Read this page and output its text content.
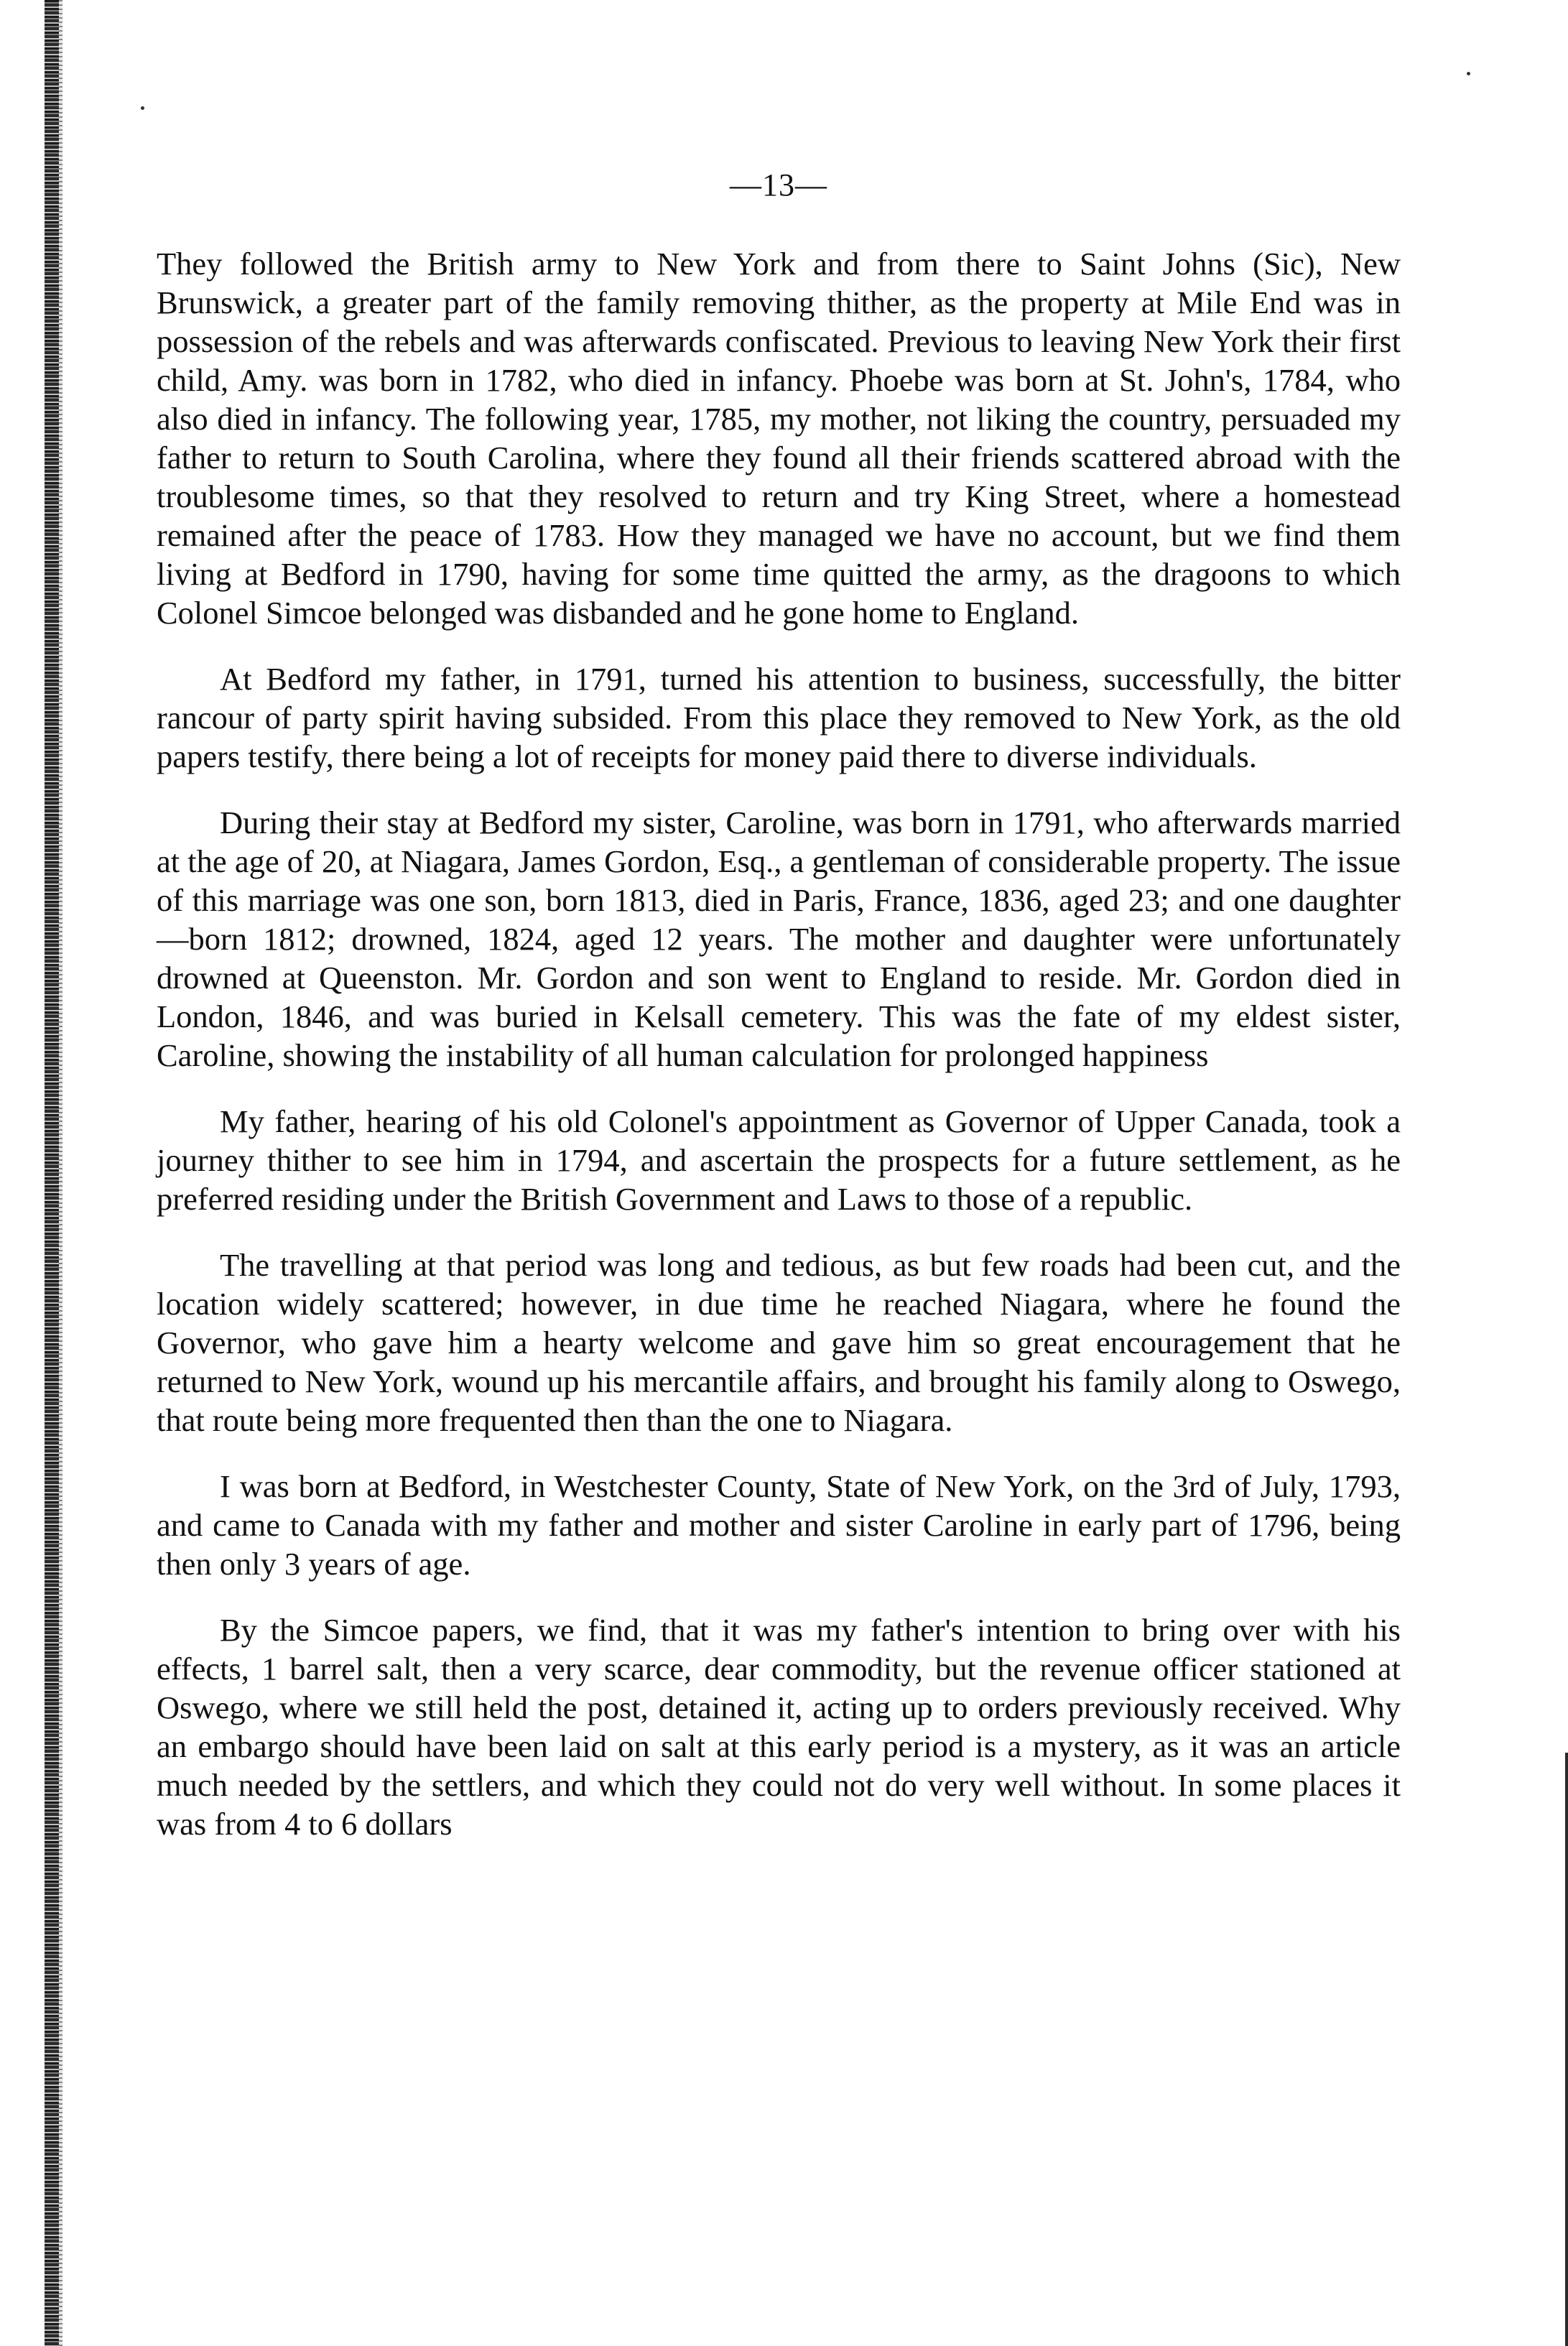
—13—

They followed the British army to New York and from there to Saint Johns (Sic), New Brunswick, a greater part of the family removing thither, as the property at Mile End was in possession of the rebels and was afterwards confiscated. Previous to leaving New York their first child, Amy. was born in 1782, who died in infancy. Phoebe was born at St. John's, 1784, who also died in infancy. The following year, 1785, my mother, not liking the country, persuaded my father to return to South Carolina, where they found all their friends scattered abroad with the troublesome times, so that they resolved to return and try King Street, where a homestead remained after the peace of 1783. How they managed we have no account, but we find them living at Bedford in 1790, having for some time quitted the army, as the dragoons to which Colonel Simcoe belonged was disbanded and he gone home to England.

At Bedford my father, in 1791, turned his attention to business, successfully, the bitter rancour of party spirit having subsided. From this place they removed to New York, as the old papers testify, there being a lot of receipts for money paid there to diverse individuals.

During their stay at Bedford my sister, Caroline, was born in 1791, who afterwards married at the age of 20, at Niagara, James Gordon, Esq., a gentleman of considerable property. The issue of this marriage was one son, born 1813, died in Paris, France, 1836, aged 23; and one daughter—born 1812; drowned, 1824, aged 12 years. The mother and daughter were unfortunately drowned at Queenston. Mr. Gordon and son went to England to reside. Mr. Gordon died in London, 1846, and was buried in Kelsall cemetery. This was the fate of my eldest sister, Caroline, showing the instability of all human calculation for prolonged happiness

My father, hearing of his old Colonel's appointment as Governor of Upper Canada, took a journey thither to see him in 1794, and ascertain the prospects for a future settlement, as he preferred residing under the British Government and Laws to those of a republic.

The travelling at that period was long and tedious, as but few roads had been cut, and the location widely scattered; however, in due time he reached Niagara, where he found the Governor, who gave him a hearty welcome and gave him so great encouragement that he returned to New York, wound up his mercantile affairs, and brought his family along to Oswego, that route being more frequented then than the one to Niagara.

I was born at Bedford, in Westchester County, State of New York, on the 3rd of July, 1793, and came to Canada with my father and mother and sister Caroline in early part of 1796, being then only 3 years of age.

By the Simcoe papers, we find, that it was my father's intention to bring over with his effects, 1 barrel salt, then a very scarce, dear commodity, but the revenue officer stationed at Oswego, where we still held the post, detained it, acting up to orders previously received. Why an embargo should have been laid on salt at this early period is a mystery, as it was an article much needed by the settlers, and which they could not do very well without. In some places it was from 4 to 6 dollars
